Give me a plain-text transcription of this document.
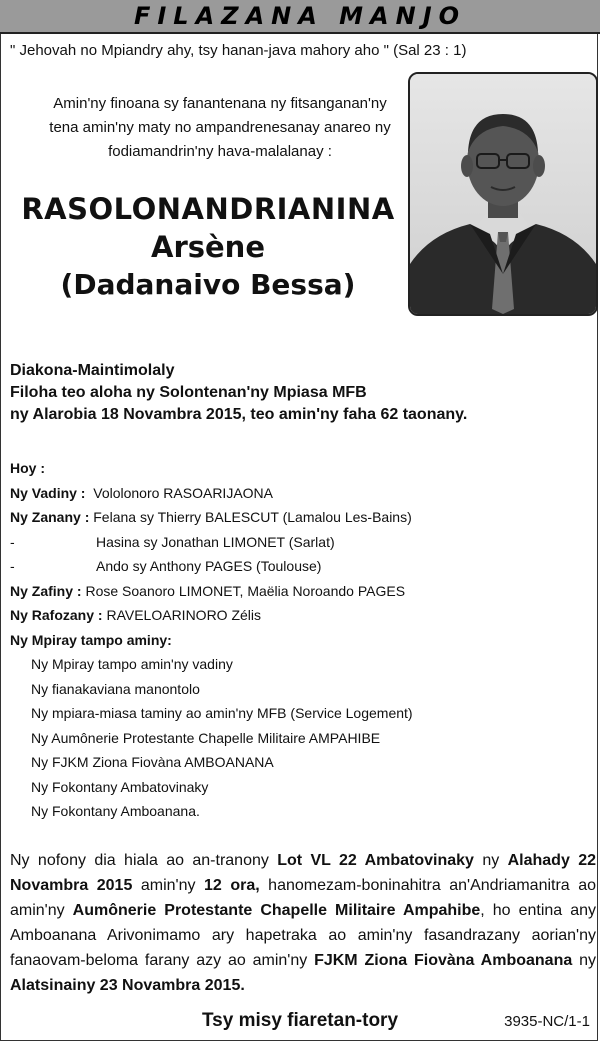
FILAZANA MANJO
" Jehovah no Mpiandry ahy, tsy hanan-java mahory aho " (Sal 23 : 1)
Amin'ny finoana sy fanantenana ny fitsanganan'ny
tena amin'ny maty no ampandrenesanay anareo ny
fodiamandrin'ny hava-malalanay :
RASOLONANDRIANINA
Arsène
(Dadanaivo Bessa)
Diakona-Maintimolaly
Filoha teo aloha ny Solontenan'ny Mpiasa MFB
ny Alarobia 18 Novambra 2015, teo amin'ny faha 62 taonany.
Hoy :
Ny Vadiny : Vololonoro RASOARIJAONA
Ny Zanany : Felana sy Thierry BALESCUT (Lamalou Les-Bains)
-	Hasina sy Jonathan LIMONET (Sarlat)
-	Ando sy Anthony PAGES (Toulouse)
Ny Zafiny : Rose Soanoro LIMONET, Maëlia Noroando PAGES
Ny Rafozany : RAVELOARINORO Zélis
Ny Mpiray tampo aminy:
Ny Mpiray tampo amin'ny vadiny
Ny fianakaviana manontolo
Ny mpiara-miasa taminy ao amin'ny MFB (Service Logement)
Ny Aumônerie Protestante Chapelle Militaire AMPAHIBE
Ny FJKM Ziona Fiovàna AMBOANANA
Ny Fokontany Ambatovinaky
Ny Fokontany Amboanana.
Ny nofony dia hiala ao an-tranony Lot VL 22 Ambatovinaky ny Alahady 22 Novambra 2015 amin'ny 12 ora, hanomezam-boninahitra an'Andriamanitra ao amin'ny Aumônerie Protestante Chapelle Militaire Ampahibe, ho entina any Amboanana Arivonimamo ary hapetraka ao amin'ny fasandrazany aorian'ny fanaovam-beloma farany azy ao amin'ny FJKM Ziona Fiovàna Amboanana ny Alatsinainy 23 Novambra 2015.
Tsy misy fiaretan-tory	3935-NC/1-1
